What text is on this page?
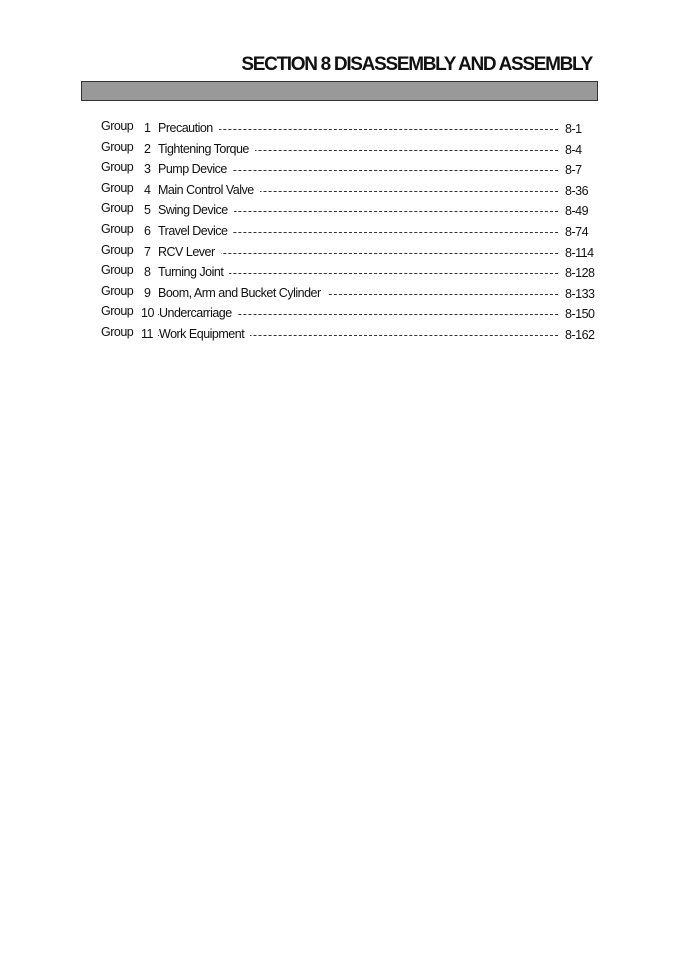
SECTION 8 DISASSEMBLY AND ASSEMBLY
Group 1 Precaution	8-1
Group 2 Tightening Torque	8-4
Group 3 Pump Device	8-7
Group 4 Main Control Valve	8-36
Group 5 Swing Device	8-49
Group 6 Travel Device	8-74
Group 7 RCV Lever	8-114
Group 8 Turning Joint	8-128
Group 9 Boom, Arm and Bucket Cylinder	8-133
Group 10 Undercarriage	8-150
Group 11 Work Equipment	8-162
